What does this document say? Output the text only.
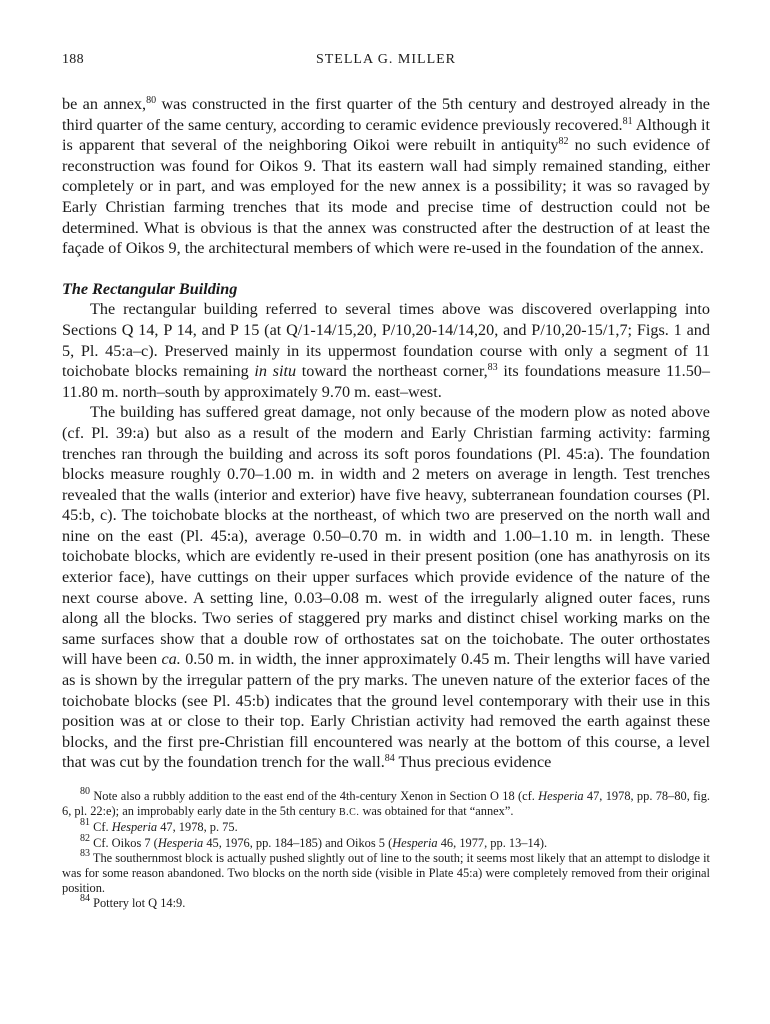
188	STELLA G. MILLER

be an annex,$^{80}$ was constructed in the first quarter of the 5th century and destroyed already in the third quarter of the same century, according to ceramic evidence previously recovered.$^{81}$ Although it is apparent that several of the neighboring Oikoi were rebuilt in antiquity$^{82}$ no such evidence of reconstruction was found for Oikos 9. That its eastern wall had simply remained standing, either completely or in part, and was employed for the new annex is a possibility; it was so ravaged by Early Christian farming trenches that its mode and precise time of destruction could not be determined. What is obvious is that the annex was constructed after the destruction of at least the façade of Oikos 9, the architectural members of which were re-used in the foundation of the annex.

The Rectangular Building

The rectangular building referred to several times above was discovered overlapping into Sections Q 14, P 14, and P 15 (at Q/1-14/15,20, P/10,20-14/14,20, and P/10,20-15/1,7; Figs. 1 and 5, Pl. 45:a–c). Preserved mainly in its uppermost foundation course with only a segment of 11 toichobate blocks remaining in situ toward the northeast corner,$^{83}$ its foundations measure 11.50–11.80 m. north–south by approximately 9.70 m. east–west.

The building has suffered great damage, not only because of the modern plow as noted above (cf. Pl. 39:a) but also as a result of the modern and Early Christian farming activity: farming trenches ran through the building and across its soft poros foundations (Pl. 45:a). The foundation blocks measure roughly 0.70–1.00 m. in width and 2 meters on average in length. Test trenches revealed that the walls (interior and exterior) have five heavy, subterranean foundation courses (Pl. 45:b, c). The toichobate blocks at the northeast, of which two are preserved on the north wall and nine on the east (Pl. 45:a), average 0.50–0.70 m. in width and 1.00–1.10 m. in length. These toichobate blocks, which are evidently re-used in their present position (one has anathyrosis on its exterior face), have cuttings on their upper surfaces which provide evidence of the nature of the next course above. A setting line, 0.03–0.08 m. west of the irregularly aligned outer faces, runs along all the blocks. Two series of staggered pry marks and distinct chisel working marks on the same surfaces show that a double row of orthostates sat on the toichobate. The outer orthostates will have been ca. 0.50 m. in width, the inner approximately 0.45 m. Their lengths will have varied as is shown by the irregular pattern of the pry marks. The uneven nature of the exterior faces of the toichobate blocks (see Pl. 45:b) indicates that the ground level contemporary with their use in this position was at or close to their top. Early Christian activity had removed the earth against these blocks, and the first pre-Christian fill encountered was nearly at the bottom of this course, a level that was cut by the foundation trench for the wall.$^{84}$ Thus precious evidence

$^{80}$ Note also a rubbly addition to the east end of the 4th-century Xenon in Section O 18 (cf. Hesperia 47, 1978, pp. 78–80, fig. 6, pl. 22:e); an improbably early date in the 5th century B.C. was obtained for that “annex”.

$^{81}$ Cf. Hesperia 47, 1978, p. 75.

$^{82}$ Cf. Oikos 7 (Hesperia 45, 1976, pp. 184–185) and Oikos 5 (Hesperia 46, 1977, pp. 13–14).

$^{83}$ The southernmost block is actually pushed slightly out of line to the south; it seems most likely that an attempt to dislodge it was for some reason abandoned. Two blocks on the north side (visible in Plate 45:a) were completely removed from their original position.

$^{84}$ Pottery lot Q 14:9.
